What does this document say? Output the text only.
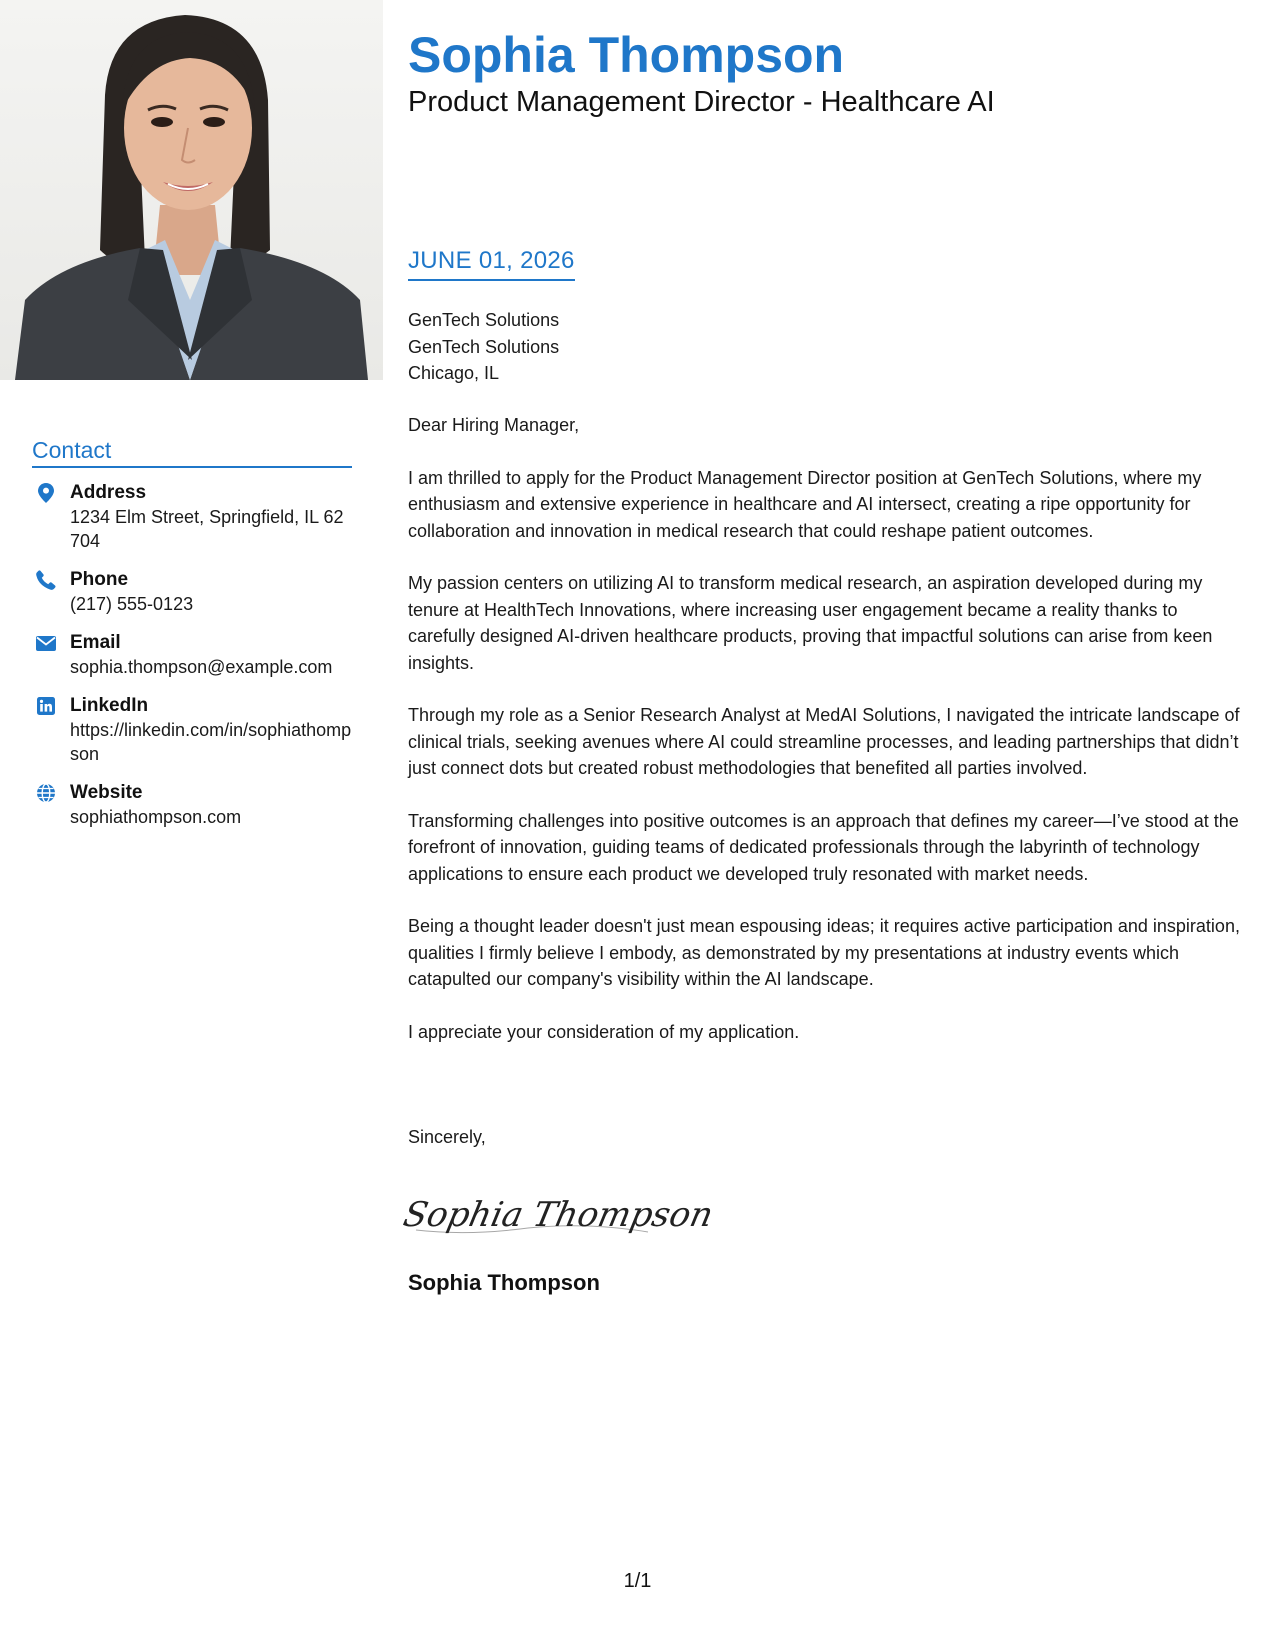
Contact
Address
1234 Elm Street, Springfield, IL 62704
Phone
(217) 555-0123
Email
sophia.thompson@example.com
LinkedIn
https://linkedin.com/in/sophiathompson
Website
sophiathompson.com
Sophia Thompson
Product Management Director - Healthcare AI
JUNE 01, 2026
GenTech Solutions
GenTech Solutions
Chicago, IL

Dear Hiring Manager,

I am thrilled to apply for the Product Management Director position at GenTech Solutions, where my enthusiasm and extensive experience in healthcare and AI intersect, creating a ripe opportunity for collaboration and innovation in medical research that could reshape patient outcomes.

My passion centers on utilizing AI to transform medical research, an aspiration developed during my tenure at HealthTech Innovations, where increasing user engagement became a reality thanks to carefully designed AI-driven healthcare products, proving that impactful solutions can arise from keen insights.

Through my role as a Senior Research Analyst at MedAI Solutions, I navigated the intricate landscape of clinical trials, seeking avenues where AI could streamline processes, and leading partnerships that didn’t just connect dots but created robust methodologies that benefited all parties involved.

Transforming challenges into positive outcomes is an approach that defines my career—I’ve stood at the forefront of innovation, guiding teams of dedicated professionals through the labyrinth of technology applications to ensure each product we developed truly resonated with market needs.

Being a thought leader doesn't just mean espousing ideas; it requires active participation and inspiration, qualities I firmly believe I embody, as demonstrated by my presentations at industry events which catapulted our company's visibility within the AI landscape.

I appreciate your consideration of my application.

Sincerely,
Sophia Thompson
Sophia Thompson
1/1
